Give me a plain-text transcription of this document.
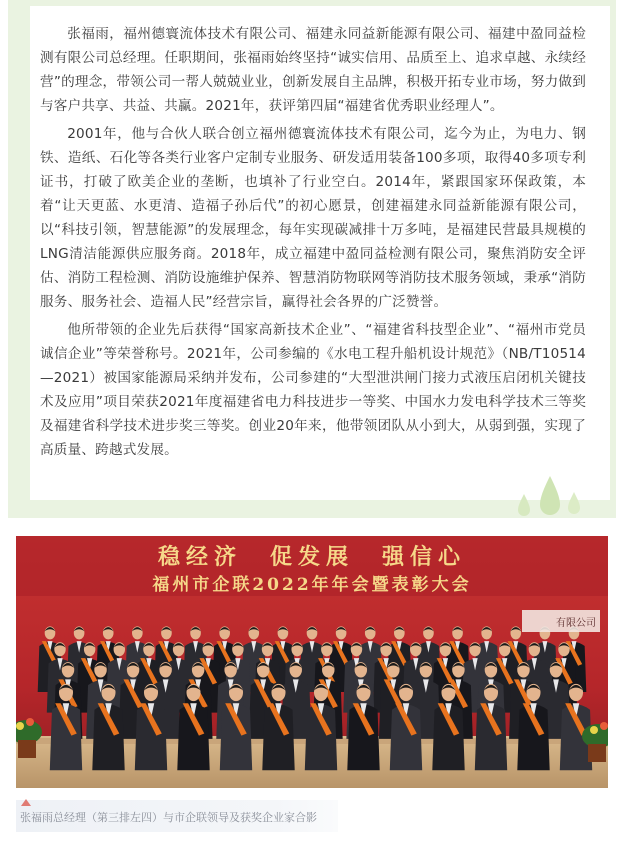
张福雨，福州德寰流体技术有限公司、福建永同益新能源有限公司、福建中盈同益检测有限公司总经理。任职期间，张福雨始终坚持“诚实信用、品质至上、追求卓越、永续经营”的理念，带领公司一帮人兢兢业业，创新发展自主品牌，积极开拓专业市场，努力做到与客户共享、共益、共赢。2021年，获评第四届“福建省优秀职业经理人”。

2001年，他与合伙人联合创立福州德寰流体技术有限公司，迄今为止，为电力、钢铁、造纸、石化等各类行业客户定制专业服务、研发适用装备100多项，取得40多项专利证书，打破了欧美企业的垄断，也填补了行业空白。2014年，紧跟国家环保政策，本着“让天更蓝、水更清、造福子孙后代”的初心愿景，创建福建永同益新能源有限公司，以“科技引领，智慧能源”的发展理念，每年实现碳减排十万多吨，是福建民营最具规模的LNG清洁能源供应服务商。2018年，成立福建中盈同益检测有限公司，聚焦消防安全评估、消防工程检测、消防设施维护保养、智慧消防物联网等消防技术服务领域，秉承“消防服务、服务社会、造福人民”经营宗旨，赢得社会各界的广泛赞誉。

他所带领的企业先后获得“国家高新技术企业”、“福建省科技型企业”、“福州市党员诚信企业”等荣誉称号。2021年，公司参编的《水电工程升船机设计规范》（NB/T10514—2021）被国家能源局采纳并发布，公司参建的“大型泄洪闸门接力式液压启闭机关键技术及应用”项目荣获2021年度福建省电力科技进步一等奖、中国水力发电科学技术三等奖及福建省科学技术进步奖三等奖。创业20年来，他带领团队从小到大，从弱到强，实现了高质量、跨越式发展。

稳经济　促发展　强信心
福州市企联2022年年会暨表彰大会
有限公司
张福雨总经理（第三排左四）与市企联领导及获奖企业家合影
